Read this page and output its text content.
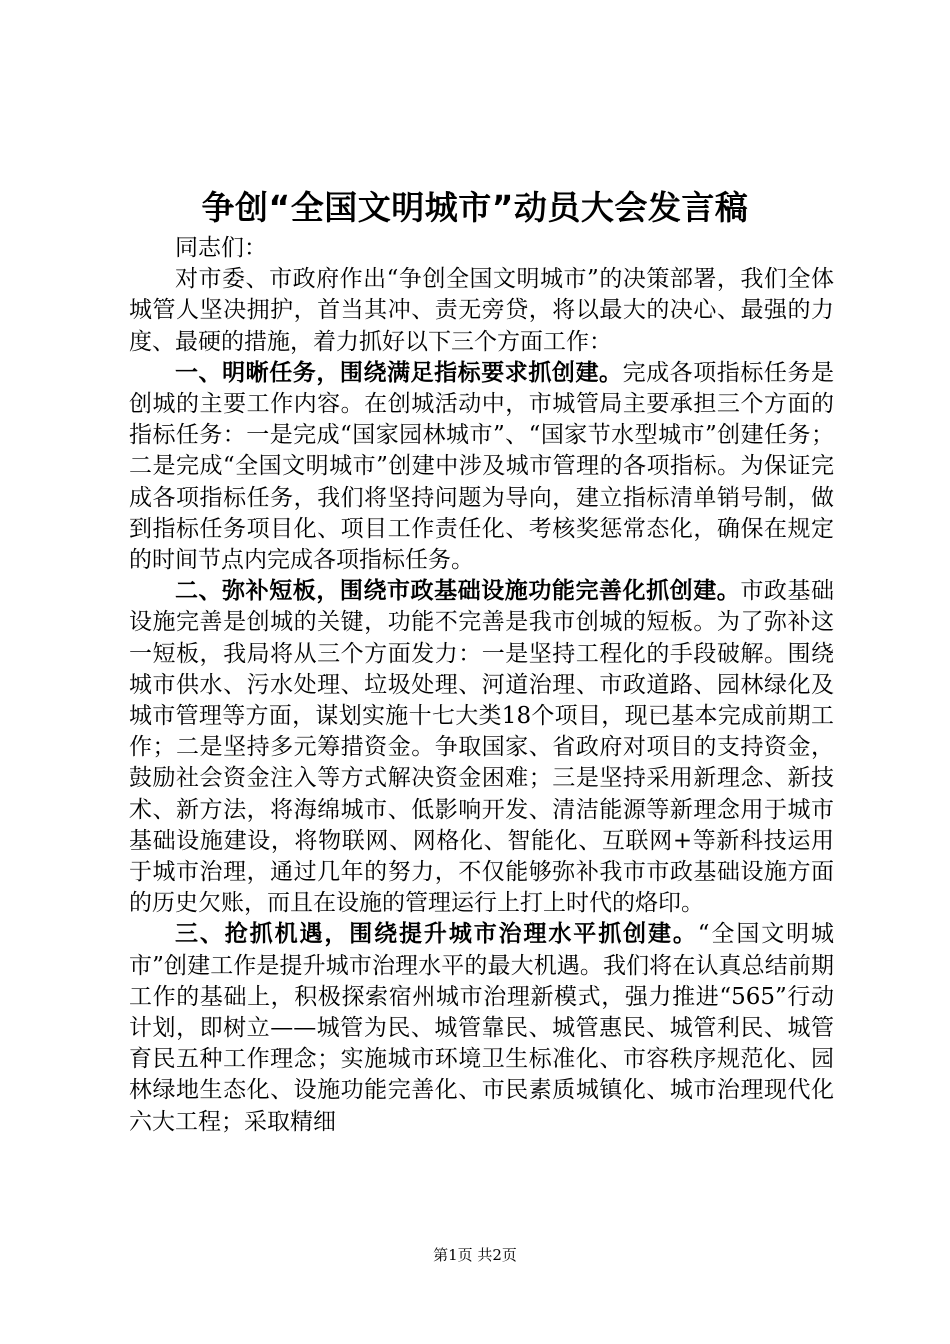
争创“全国文明城市”动员大会发言稿

同志们：

对市委、市政府作出“争创全国文明城市”的决策部署，我们全体城管人坚决拥护，首当其冲、责无旁贷，将以最大的决心、最强的力度、最硬的措施，着力抓好以下三个方面工作：

一、明晰任务，围绕满足指标要求抓创建。完成各项指标任务是创城的主要工作内容。在创城活动中，市城管局主要承担三个方面的指标任务：一是完成“国家园林城市”、“国家节水型城市”创建任务；二是完成“全国文明城市”创建中涉及城市管理的各项指标。为保证完成各项指标任务，我们将坚持问题为导向，建立指标清单销号制，做到指标任务项目化、项目工作责任化、考核奖惩常态化，确保在规定的时间节点内完成各项指标任务。

二、弥补短板，围绕市政基础设施功能完善化抓创建。市政基础设施完善是创城的关键，功能不完善是我市创城的短板。为了弥补这一短板，我局将从三个方面发力：一是坚持工程化的手段破解。围绕城市供水、污水处理、垃圾处理、河道治理、市政道路、园林绿化及城市管理等方面，谋划实施十七大类18个项目，现已基本完成前期工作；二是坚持多元筹措资金。争取国家、省政府对项目的支持资金，鼓励社会资金注入等方式解决资金困难；三是坚持采用新理念、新技术、新方法，将海绵城市、低影响开发、清洁能源等新理念用于城市基础设施建设，将物联网、网格化、智能化、互联网+等新科技运用于城市治理，通过几年的努力，不仅能够弥补我市市政基础设施方面的历史欠账，而且在设施的管理运行上打上时代的烙印。

三、抢抓机遇，围绕提升城市治理水平抓创建。“全国文明城市”创建工作是提升城市治理水平的最大机遇。我们将在认真总结前期工作的基础上，积极探索宿州城市治理新模式，强力推进“565”行动计划，即树立——城管为民、城管靠民、城管惠民、城管利民、城管育民五种工作理念；实施城市环境卫生标准化、市容秩序规范化、园林绿地生态化、设施功能完善化、市民素质城镇化、城市治理现代化六大工程；采取精细

第1页 共2页
